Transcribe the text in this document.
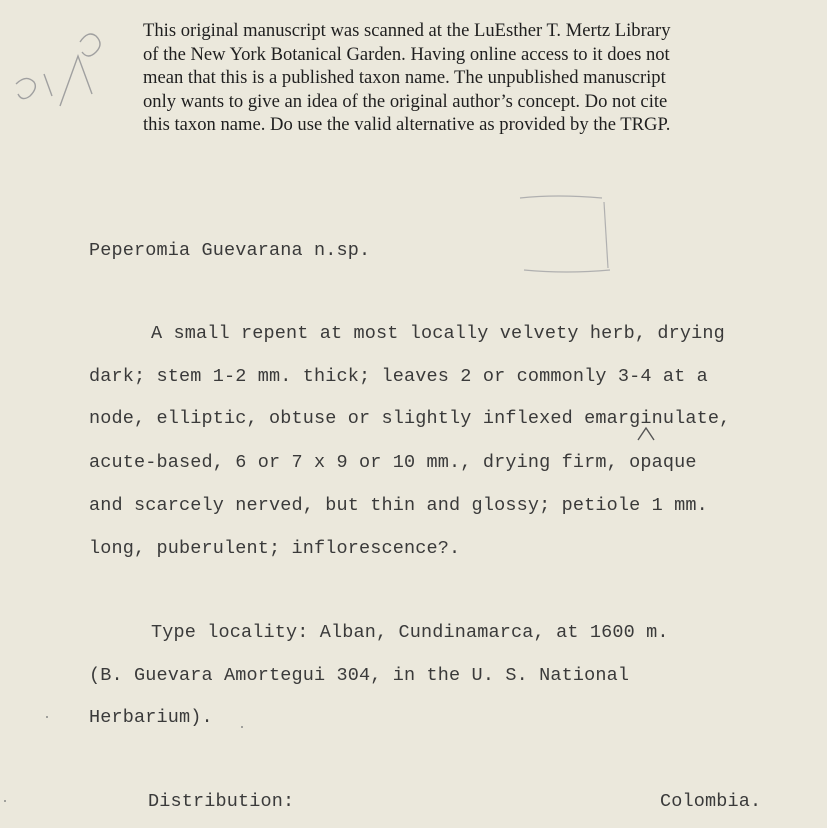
This original manuscript was scanned at the LuEsther T. Mertz Library
of the New York Botanical Garden. Having online access to it does not
mean that this is a published taxon name. The unpublished manuscript
only wants to give an idea of the original author’s concept. Do not cite
this taxon name. Do use the valid alternative as provided by the TRGP.
Peperomia Guevarana n.sp.
A small repent at most locally velvety herb, drying
dark; stem 1-2 mm. thick; leaves 2 or commonly 3-4 at a
node, elliptic, obtuse or slightly inflexed emarginulate,
acute-based, 6 or 7 x 9 or 10 mm., drying firm, opaque
and scarcely nerved, but thin and glossy; petiole 1 mm.
long, puberulent; inflorescence?.
Type locality: Alban, Cundinamarca, at 1600 m.
(B. Guevara Amortegui 304, in the U. S. National
Herbarium).
Distribution:	Colombia.
